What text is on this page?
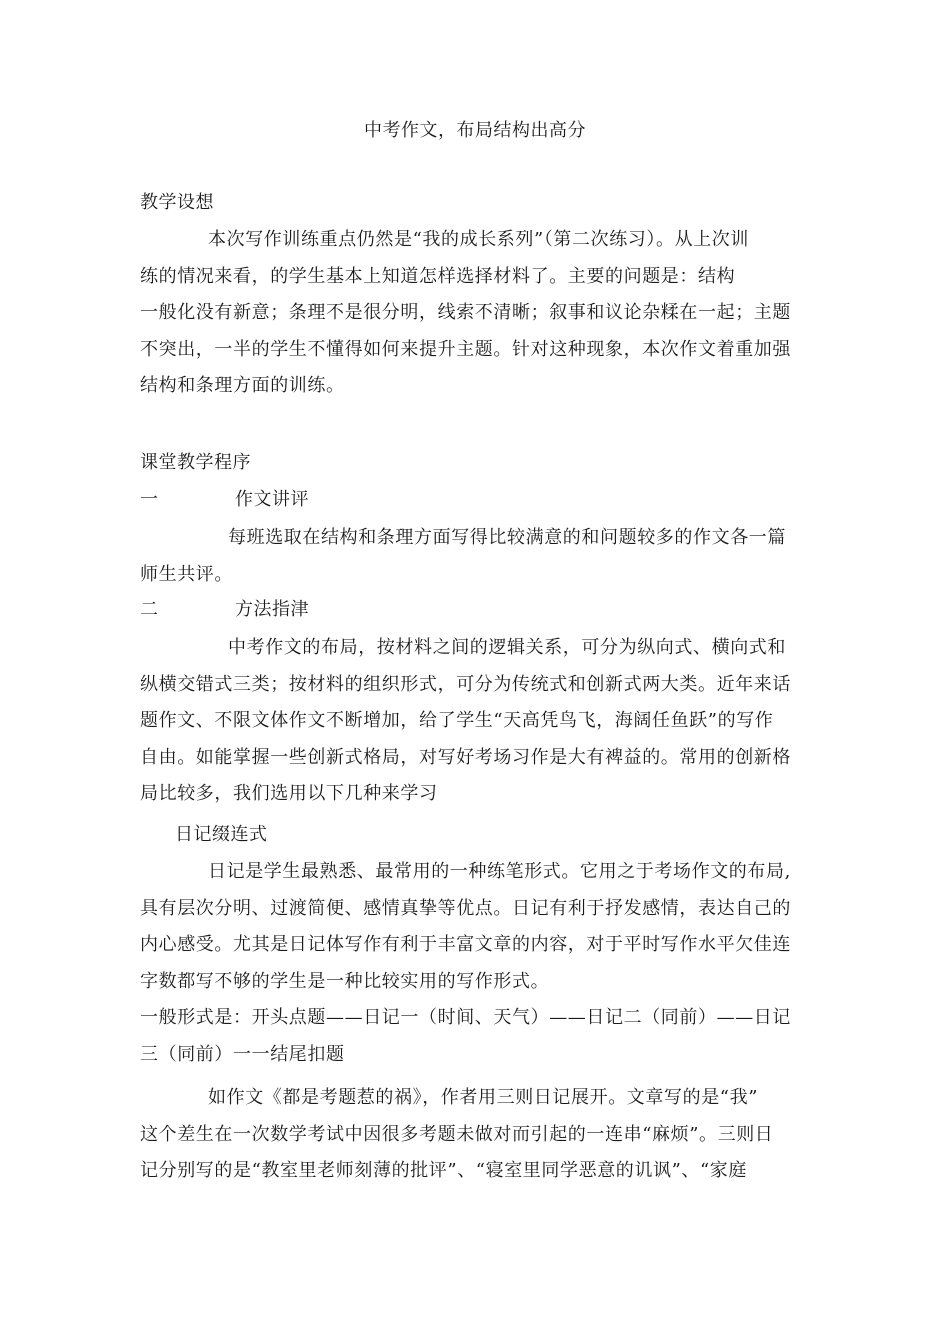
中考作文，布局结构出高分
教学设想
本次写作训练重点仍然是“我的成长系列”（第二次练习）。从上次训
练的情况来看，的学生基本上知道怎样选择材料了。主要的问题是：结构
一般化没有新意；条理不是很分明，线索不清晰；叙事和议论杂糅在一起；主题
不突出，一半的学生不懂得如何来提升主题。针对这种现象，本次作文着重加强
结构和条理方面的训练。
课堂教学程序
一	作文讲评
每班选取在结构和条理方面写得比较满意的和问题较多的作文各一篇
师生共评。
二	方法指津
中考作文的布局，按材料之间的逻辑关系，可分为纵向式、横向式和
纵横交错式三类；按材料的组织形式，可分为传统式和创新式两大类。近年来话
题作文、不限文体作文不断增加，给了学生“天高凭鸟飞，海阔任鱼跃”的写作
自由。如能掌握一些创新式格局，对写好考场习作是大有裨益的。常用的创新格
局比较多，我们选用以下几种来学习
日记缀连式
日记是学生最熟悉、最常用的一种练笔形式。它用之于考场作文的布局,
具有层次分明、过渡简便、感情真挚等优点。日记有利于抒发感情，表达自己的
内心感受。尤其是日记体写作有利于丰富文章的内容，对于平时写作水平欠佳连
字数都写不够的学生是一种比较实用的写作形式。
一般形式是：开头点题——日记一（时间、天气）——日记二（同前）——日记
三（同前）一一结尾扣题
如作文《都是考题惹的祸》，作者用三则日记展开。文章写的是“我”
这个差生在一次数学考试中因很多考题未做对而引起的一连串“麻烦”。三则日
记分别写的是“教室里老师刻薄的批评”、“寝室里同学恶意的讥讽”、“家庭
